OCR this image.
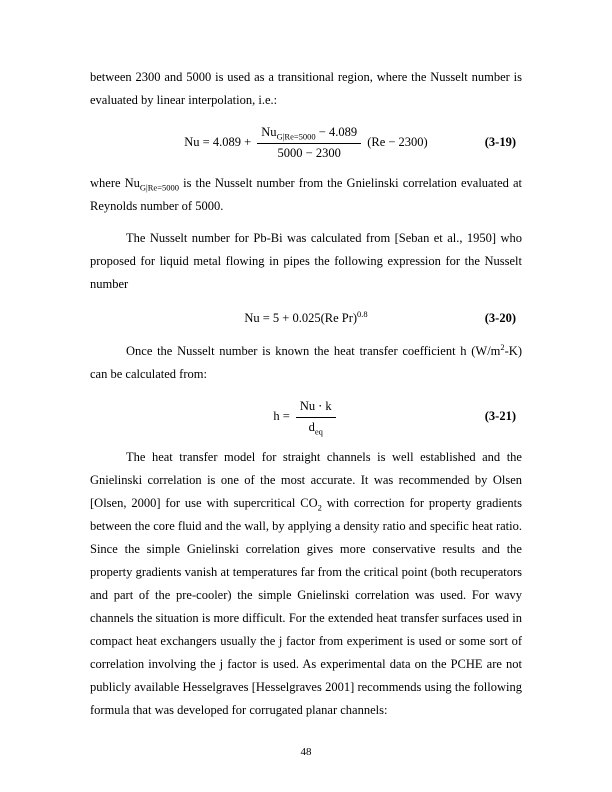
between 2300 and 5000 is used as a transitional region, where the Nusselt number is evaluated by linear interpolation, i.e.:

$Nu = 4.089 + \frac{Nu_{G|Re=5000} - 4.089}{5000 - 2300} (Re - 2300)$	(3-19)

where $Nu_{G|Re=5000}$ is the Nusselt number from the Gnielinski correlation evaluated at Reynolds number of 5000.

The Nusselt number for Pb-Bi was calculated from [Seban et al., 1950] who proposed for liquid metal flowing in pipes the following expression for the Nusselt number

Nu = 5 + 0.025(Re Pr)$^{0.8}$	(3-20)

Once the Nusselt number is known the heat transfer coefficient h $(W/m^2-K)$ can be calculated from:

$h = \frac{Nu \cdot k}{d_{eq}}$	(3-21)

The heat transfer model for straight channels is well established and the Gnielinski correlation is one of the most accurate. It was recommended by Olsen [Olsen, 2000] for use with supercritical $CO_2$ with correction for property gradients between the core fluid and the wall, by applying a density ratio and specific heat ratio. Since the simple Gnielinski correlation gives more conservative results and the property gradients vanish at temperatures far from the critical point (both recuperators and part of the pre-cooler) the simple Gnielinski correlation was used. For wavy channels the situation is more difficult. For the extended heat transfer surfaces used in compact heat exchangers usually the j factor from experiment is used or some sort of correlation involving the j factor is used. As experimental data on the PCHE are not publicly available Hesselgraves [Hesselgraves 2001] recommends using the following formula that was developed for corrugated planar channels:

48
